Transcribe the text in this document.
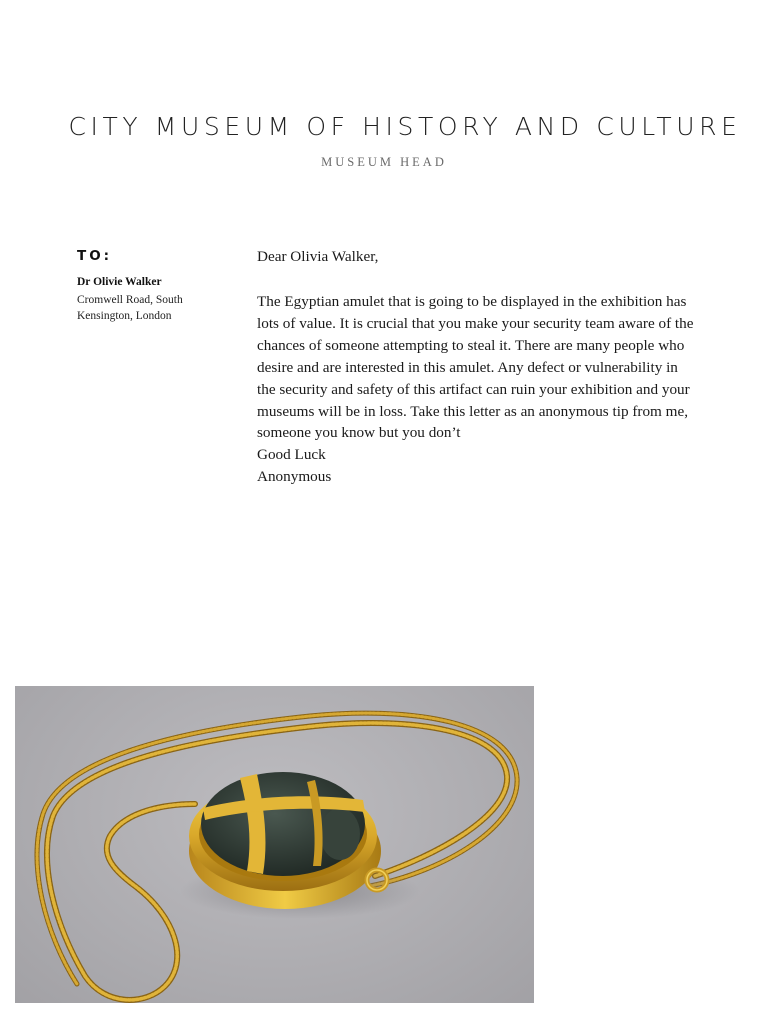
CITY MUSEUM OF HISTORY AND CULTURE
MUSEUM HEAD
TO:
Dr Olivie Walker
Cromwell Road, South Kensington, London
Dear Olivia Walker,

The Egyptian amulet that is going to be displayed in the exhibition has lots of value. It is crucial that you make your security team aware of the chances of someone attempting to steal it. There are many people who desire and are interested in this amulet. Any defect or vulnerability in the security and safety of this artifact can ruin your exhibition and your museums will be in loss. Take this letter as an anonymous tip from me, someone you know but you don’t

Good Luck

Anonymous
